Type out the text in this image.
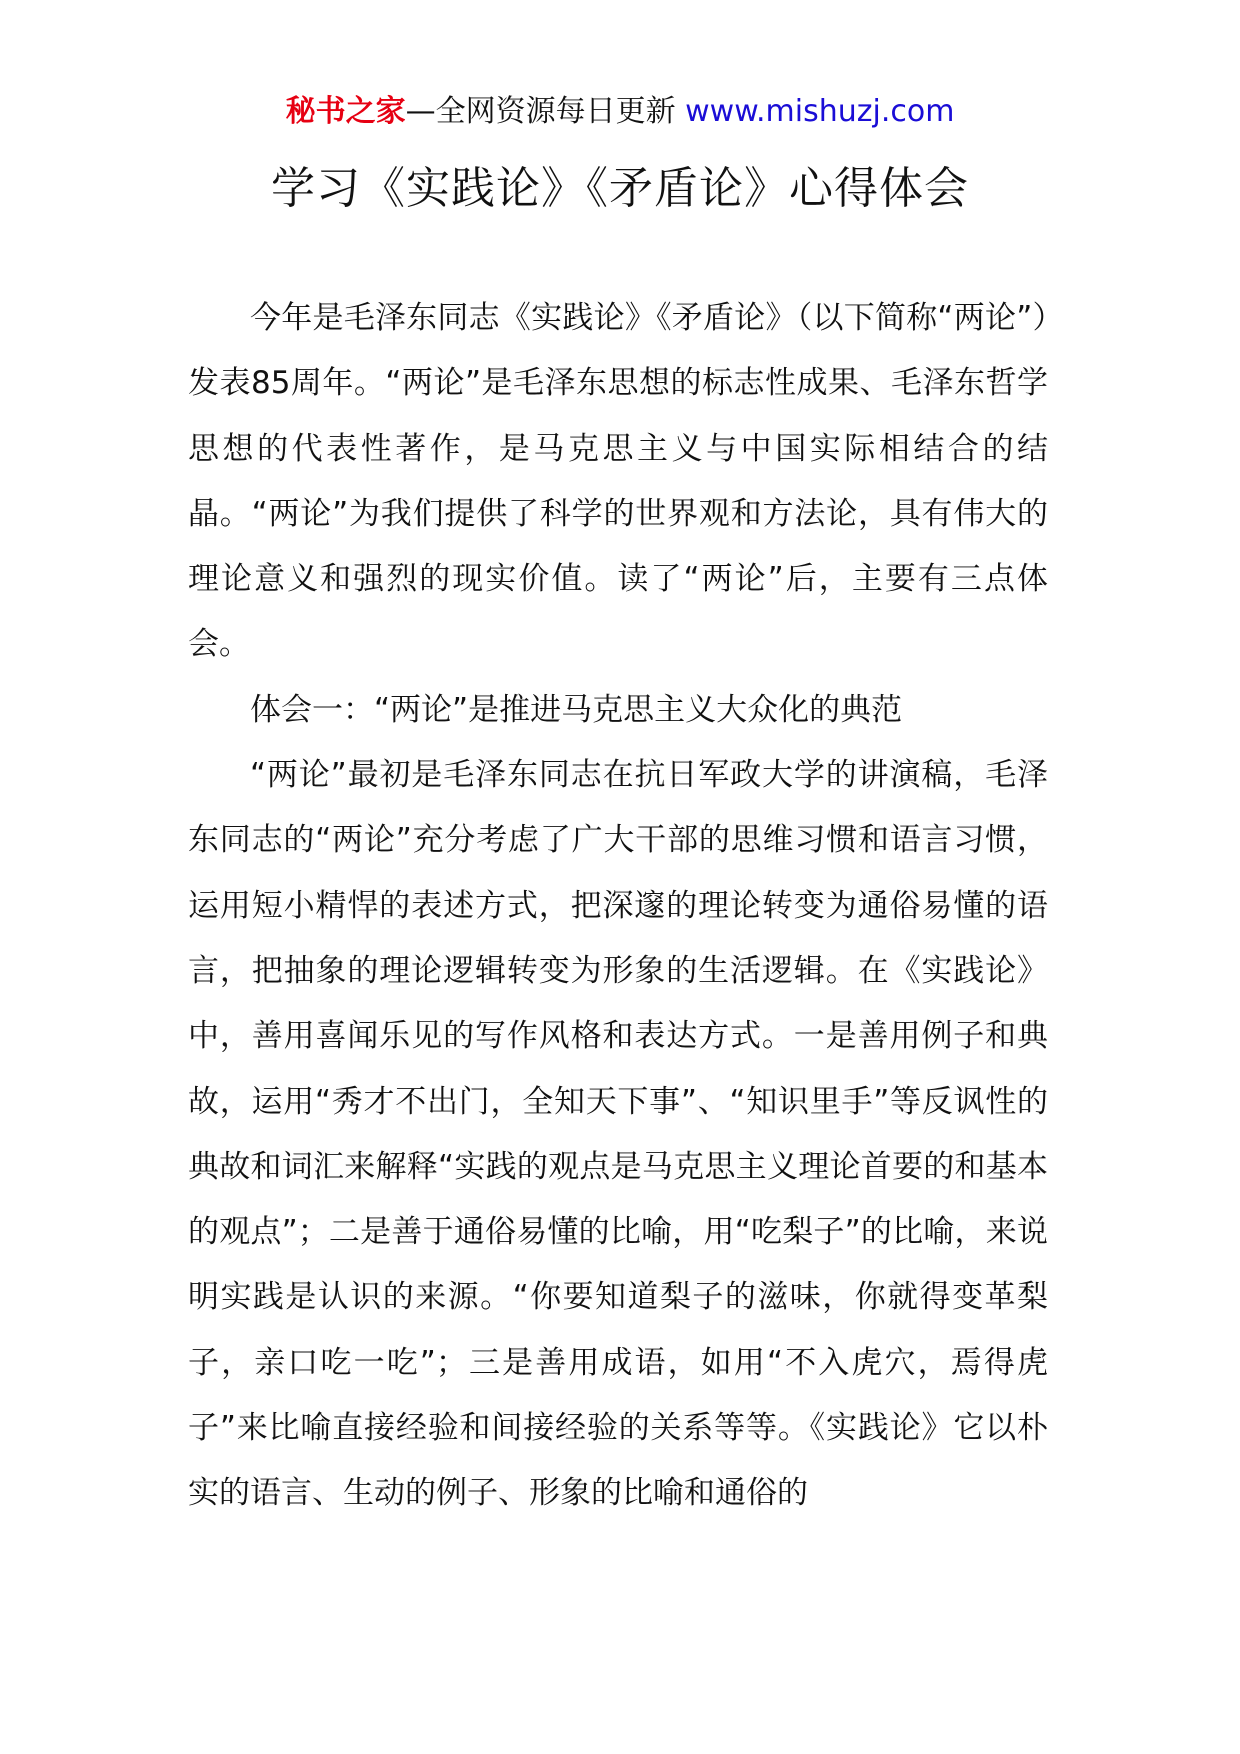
秘书之家—全网资源每日更新 www.mishuzj.com
学习《实践论》《矛盾论》心得体会

今年是毛泽东同志《实践论》《矛盾论》（以下简称“两论”）发表85周年。“两论”是毛泽东思想的标志性成果、毛泽东哲学思想的代表性著作，是马克思主义与中国实际相结合的结晶。“两论”为我们提供了科学的世界观和方法论，具有伟大的理论意义和强烈的现实价值。读了“两论”后，主要有三点体会。

体会一：“两论”是推进马克思主义大众化的典范

“两论”最初是毛泽东同志在抗日军政大学的讲演稿，毛泽东同志的“两论”充分考虑了广大干部的思维习惯和语言习惯，运用短小精悍的表述方式，把深邃的理论转变为通俗易懂的语言，把抽象的理论逻辑转变为形象的生活逻辑。在《实践论》中，善用喜闻乐见的写作风格和表达方式。一是善用例子和典故，运用“秀才不出门，全知天下事”、“知识里手”等反讽性的典故和词汇来解释“实践的观点是马克思主义理论首要的和基本的观点”；二是善于通俗易懂的比喻，用“吃梨子”的比喻，来说明实践是认识的来源。“你要知道梨子的滋味，你就得变革梨子，亲口吃一吃”；三是善用成语，如用“不入虎穴，焉得虎子”来比喻直接经验和间接经验的关系等等。《实践论》它以朴实的语言、生动的例子、形象的比喻和通俗的
